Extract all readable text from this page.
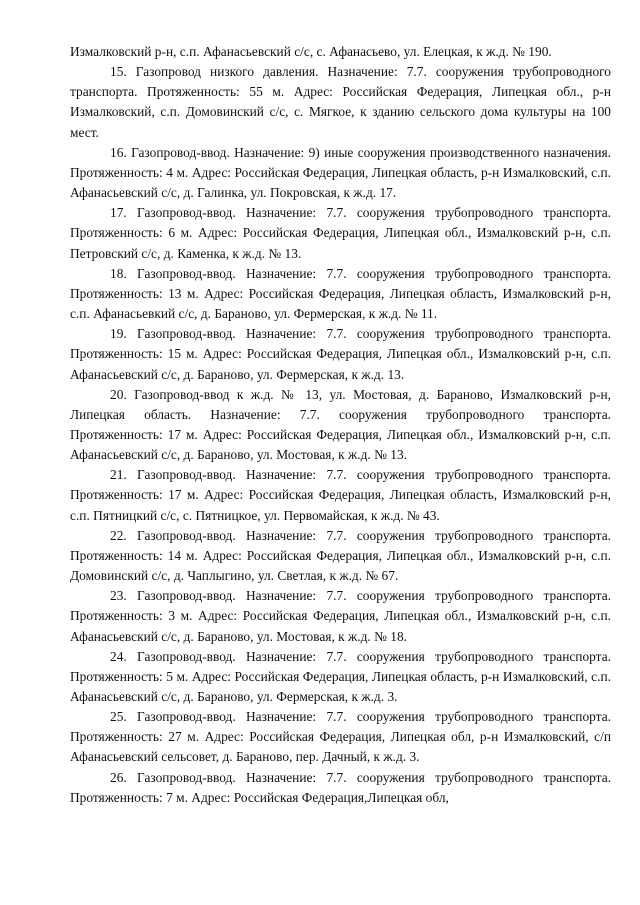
Измалковский р-н, с.п. Афанасьевский с/с, с. Афанасьево, ул. Елецкая, к ж.д. № 190.

15. Газопровод низкого давления. Назначение: 7.7. сооружения трубопроводного транспорта. Протяженность: 55 м. Адрес: Российская Федерация, Липецкая обл., р-н Измалковский, с.п. Домовинский с/с, с. Мягкое, к зданию сельского дома культуры на 100 мест.

16. Газопровод-ввод. Назначение: 9) иные сооружения производственного назначения. Протяженность: 4 м. Адрес: Российская Федерация, Липецкая область, р-н Измалковский, с.п. Афанасьевский с/с, д. Галинка, ул. Покровская, к ж.д. 17.

17. Газопровод-ввод. Назначение: 7.7. сооружения трубопроводного транспорта. Протяженность: 6 м. Адрес: Российская Федерация, Липецкая обл., Измалковский р-н, с.п. Петровский с/с, д. Каменка, к ж.д. № 13.

18. Газопровод-ввод. Назначение: 7.7. сооружения трубопроводного транспорта. Протяженность: 13 м. Адрес: Российская Федерация, Липецкая область, Измалковский р-н, с.п. Афанасьевкий с/с, д. Бараново, ул. Фермерская, к ж.д. № 11.

19. Газопровод-ввод. Назначение: 7.7. сооружения трубопроводного транспорта. Протяженность: 15 м. Адрес: Российская Федерация, Липецкая обл., Измалковский р-н, с.п. Афанасьевский с/с, д. Бараново, ул. Фермерская, к ж.д. 13.

20. Газопровод-ввод к ж.д. № 13, ул. Мостовая, д. Бараново, Измалковский р-н, Липецкая область. Назначение: 7.7. сооружения трубопроводного транспорта. Протяженность: 17 м. Адрес: Российская Федерация, Липецкая обл., Измалковский р-н, с.п. Афанасьевский с/с, д. Бараново, ул. Мостовая, к ж.д. № 13.

21. Газопровод-ввод. Назначение: 7.7. сооружения трубопроводного транспорта. Протяженность: 17 м. Адрес: Российская Федерация, Липецкая область, Измалковский р-н, с.п. Пятницкий с/с, с. Пятницкое, ул. Первомайская, к ж.д. № 43.

22. Газопровод-ввод. Назначение: 7.7. сооружения трубопроводного транспорта. Протяженность: 14 м. Адрес: Российская Федерация, Липецкая обл., Измалковский р-н, с.п. Домовинский с/с, д. Чаплыгино, ул. Светлая, к ж.д. № 67.

23. Газопровод-ввод. Назначение: 7.7. сооружения трубопроводного транспорта. Протяженность: 3 м. Адрес: Российская Федерация, Липецкая обл., Измалковский р-н, с.п. Афанасьевский с/с, д. Бараново, ул. Мостовая, к ж.д. № 18.

24. Газопровод-ввод. Назначение: 7.7. сооружения трубопроводного транспорта. Протяженность: 5 м. Адрес: Российская Федерация, Липецкая область, р-н Измалковский, с.п. Афанасьевский с/с, д. Бараново, ул. Фермерская, к ж.д. 3.

25. Газопровод-ввод. Назначение: 7.7. сооружения трубопроводного транспорта. Протяженность: 27 м. Адрес: Российская Федерация, Липецкая обл, р-н Измалковский, с/п Афанасьевский сельсовет, д. Бараново, пер. Дачный, к ж.д. 3.

26. Газопровод-ввод. Назначение: 7.7. сооружения трубопроводного транспорта. Протяженность: 7 м. Адрес: Российская Федерация,Липецкая обл,
